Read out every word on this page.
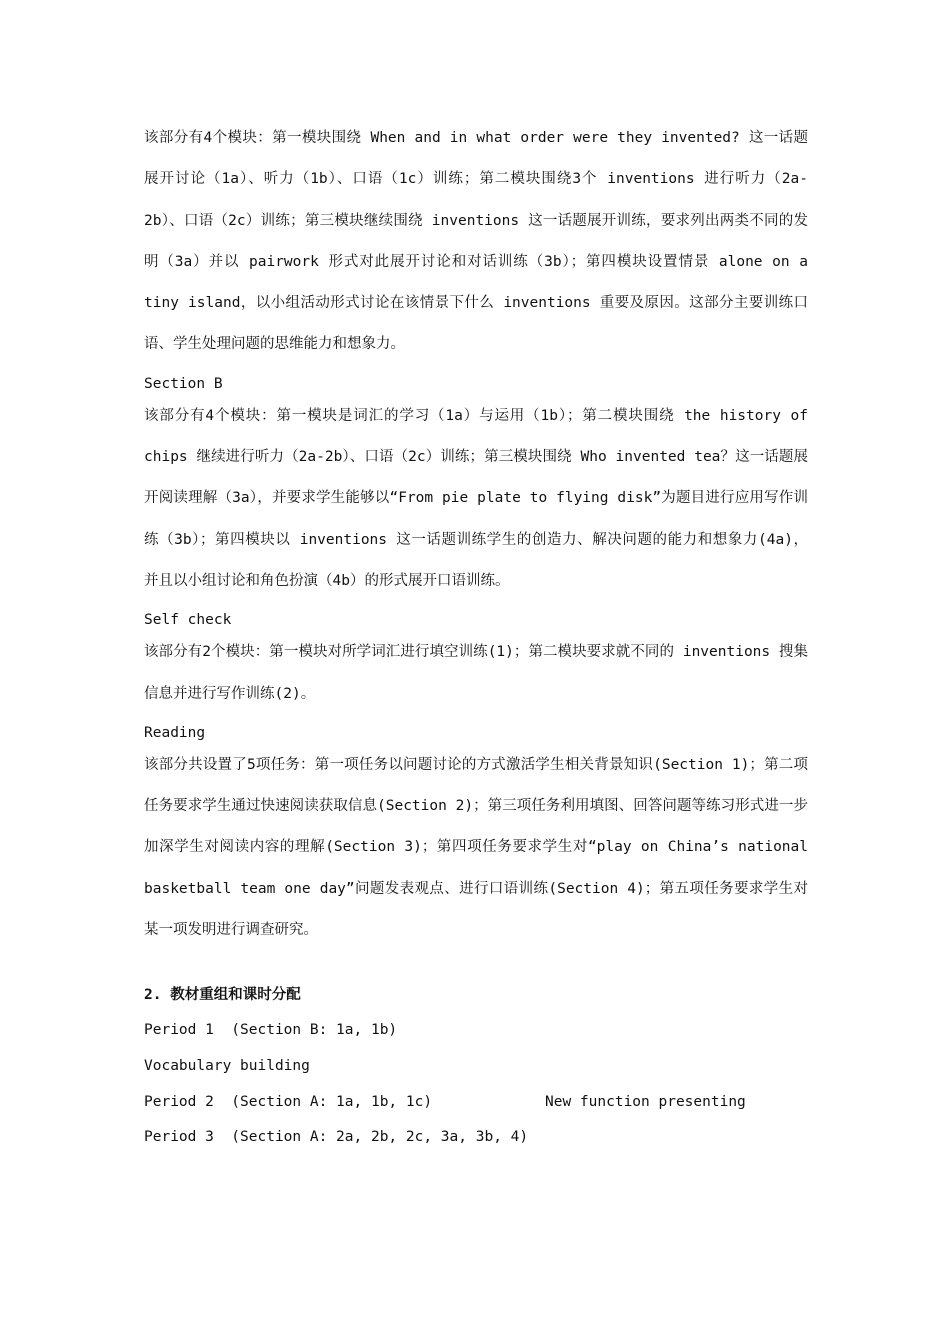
该部分有4个模块：第一模块围绕 When and in what order were they invented? 这一话题展开讨论（1a）、听力（1b）、口语（1c）训练；第二模块围绕3个 inventions 进行听力（2a-2b）、口语（2c）训练；第三模块继续围绕 inventions 这一话题展开训练，要求列出两类不同的发明（3a）并以 pairwork 形式对此展开讨论和对话训练（3b）；第四模块设置情景 alone on a tiny island，以小组活动形式讨论在该情景下什么 inventions 重要及原因。这部分主要训练口语、学生处理问题的思维能力和想象力。

Section B

该部分有4个模块：第一模块是词汇的学习（1a）与运用（1b）；第二模块围绕 the history of chips 继续进行听力（2a-2b）、口语（2c）训练；第三模块围绕 Who invented tea？这一话题展开阅读理解（3a），并要求学生能够以“From pie plate to flying disk”为题目进行应用写作训练（3b）；第四模块以 inventions 这一话题训练学生的创造力、解决问题的能力和想象力(4a)， 并且以小组讨论和角色扮演（4b）的形式展开口语训练。

Self check

该部分有2个模块：第一模块对所学词汇进行填空训练(1)；第二模块要求就不同的 inventions 搜集信息并进行写作训练(2)。

Reading

该部分共设置了5项任务：第一项任务以问题讨论的方式激活学生相关背景知识(Section 1)；第二项任务要求学生通过快速阅读获取信息(Section 2)；第三项任务利用填图、回答问题等练习形式进一步加深学生对阅读内容的理解(Section 3)；第四项任务要求学生对“play on China’s national basketball team one day”问题发表观点、进行口语训练(Section 4)；第五项任务要求学生对某一项发明进行调查研究。

2. 教材重组和课时分配

Period 1  (Section B: 1a, 1b)

Vocabulary building

Period 2  (Section A: 1a, 1b, 1c)	New function presenting

Period 3  (Section A: 2a, 2b, 2c, 3a, 3b, 4)
